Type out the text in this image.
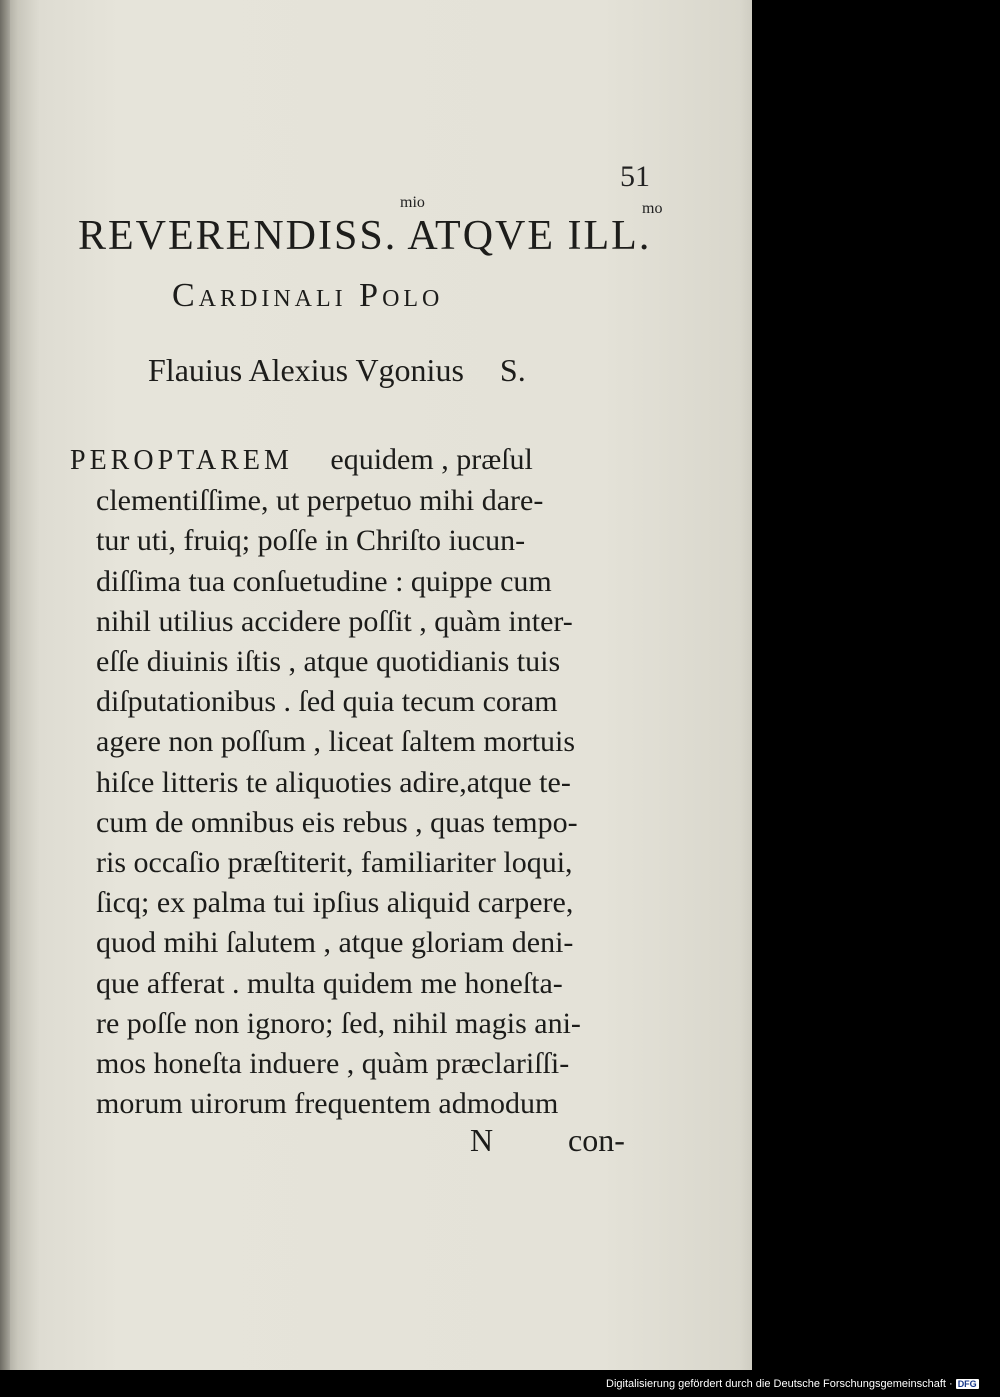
51
mio	mo
REVERENDISS. ATQVE ILL.
Cardinali Polo
Flauius Alexius Vgonius S.
PEROPTAREM equidem , præſul
clementiſſime, ut perpetuo mihi dare-
tur uti, fruiq; poſſe in Chriſto iucun-
diſſima tua conſuetudine : quippe cum
nihil utilius accidere poſſit , quàm inter-
eſſe diuinis iſtis , atque quotidianis tuis
diſputationibus . ſed quia tecum coram
agere non poſſum , liceat ſaltem mortuis
hiſce litteris te aliquoties adire,atque te-
cum de omnibus eis rebus , quas tempo-
ris occaſio præſtiterit, familiariter loqui,
ſicq; ex palma tui ipſius aliquid carpere,
quod mihi ſalutem , atque gloriam deni-
que afferat . multa quidem me honeſta-
re poſſe non ignoro; ſed, nihil magis ani-
mos honeſta induere , quàm præclariſſi-
morum uirorum frequentem admodum
N con-
Digitalisierung gefördert durch die Deutsche Forschungsgemeinschaft · DFG
